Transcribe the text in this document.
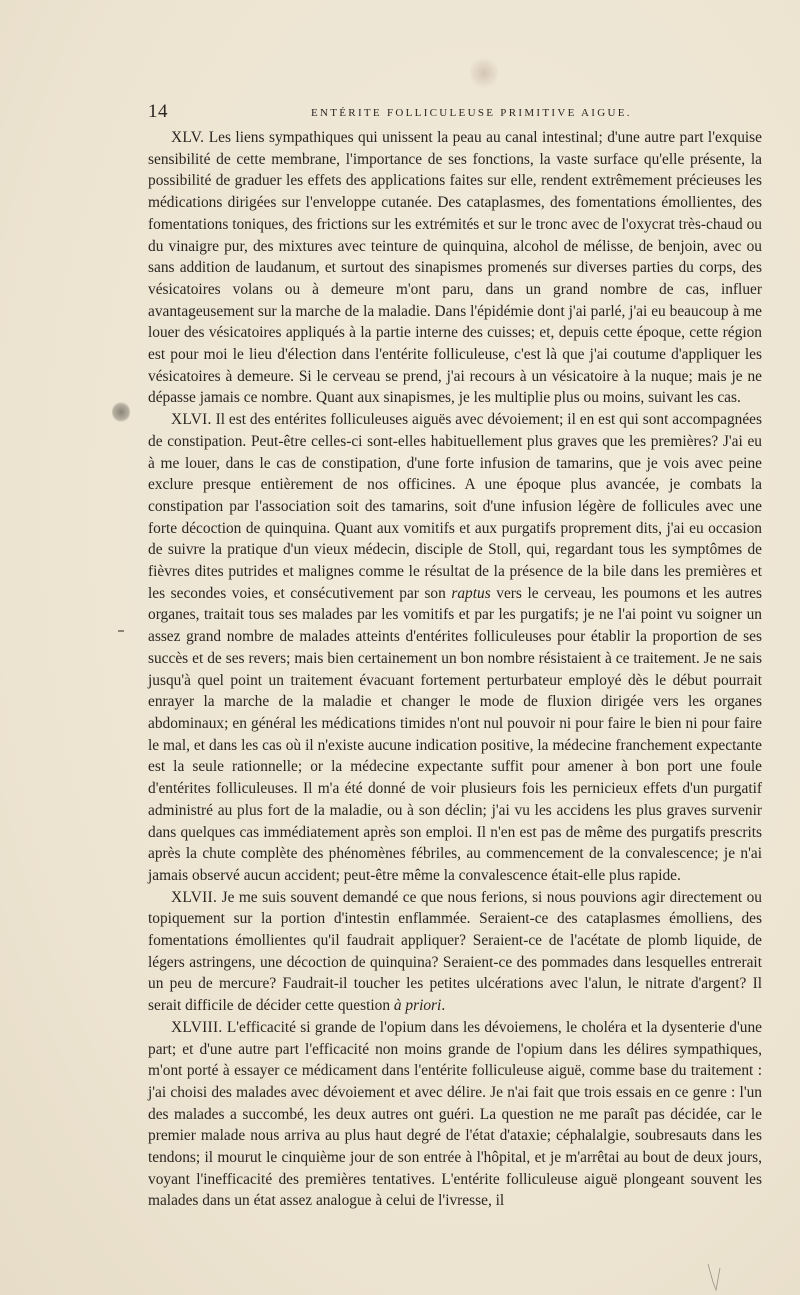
14	ENTÉRITE FOLLICULEUSE PRIMITIVE AIGUE.

XLV. Les liens sympathiques qui unissent la peau au canal intestinal; d'une autre part l'exquise sensibilité de cette membrane, l'importance de ses fonctions, la vaste surface qu'elle présente, la possibilité de graduer les effets des applications faites sur elle, rendent extrêmement précieuses les médications dirigées sur l'enveloppe cutanée. Des cataplasmes, des fomentations émollientes, des fomentations toniques, des frictions sur les extrémités et sur le tronc avec de l'oxycrat très-chaud ou du vinaigre pur, des mixtures avec teinture de quinquina, alcohol de mélisse, de benjoin, avec ou sans addition de laudanum, et surtout des sinapismes promenés sur diverses parties du corps, des vésicatoires volans ou à demeure m'ont paru, dans un grand nombre de cas, influer avantageusement sur la marche de la maladie. Dans l'épidémie dont j'ai parlé, j'ai eu beaucoup à me louer des vésicatoires appliqués à la partie interne des cuisses; et, depuis cette époque, cette région est pour moi le lieu d'élection dans l'entérite folliculeuse, c'est là que j'ai coutume d'appliquer les vésicatoires à demeure. Si le cerveau se prend, j'ai recours à un vésicatoire à la nuque; mais je ne dépasse jamais ce nombre. Quant aux sinapismes, je les multiplie plus ou moins, suivant les cas.

XLVI. Il est des entérites folliculeuses aiguës avec dévoiement; il en est qui sont accompagnées de constipation. Peut-être celles-ci sont-elles habituellement plus graves que les premières? J'ai eu à me louer, dans le cas de constipation, d'une forte infusion de tamarins, que je vois avec peine exclure presque entièrement de nos officines. A une époque plus avancée, je combats la constipation par l'association soit des tamarins, soit d'une infusion légère de follicules avec une forte décoction de quinquina. Quant aux vomitifs et aux purgatifs proprement dits, j'ai eu occasion de suivre la pratique d'un vieux médecin, disciple de Stoll, qui, regardant tous les symptômes de fièvres dites putrides et malignes comme le résultat de la présence de la bile dans les premières et les secondes voies, et consécutivement par son raptus vers le cerveau, les poumons et les autres organes, traitait tous ses malades par les vomitifs et par les purgatifs; je ne l'ai point vu soigner un assez grand nombre de malades atteints d'entérites folliculeuses pour établir la proportion de ses succès et de ses revers; mais bien certainement un bon nombre résistaient à ce traitement. Je ne sais jusqu'à quel point un traitement évacuant fortement perturbateur employé dès le début pourrait enrayer la marche de la maladie et changer le mode de fluxion dirigée vers les organes abdominaux; en général les médications timides n'ont nul pouvoir ni pour faire le bien ni pour faire le mal, et dans les cas où il n'existe aucune indication positive, la médecine franchement expectante est la seule rationnelle; or la médecine expectante suffit pour amener à bon port une foule d'entérites folliculeuses. Il m'a été donné de voir plusieurs fois les pernicieux effets d'un purgatif administré au plus fort de la maladie, ou à son déclin; j'ai vu les accidens les plus graves survenir dans quelques cas immédiatement après son emploi. Il n'en est pas de même des purgatifs prescrits après la chute complète des phénomènes fébriles, au commencement de la convalescence; je n'ai jamais observé aucun accident; peut-être même la convalescence était-elle plus rapide.

XLVII. Je me suis souvent demandé ce que nous ferions, si nous pouvions agir directement ou topiquement sur la portion d'intestin enflammée. Seraient-ce des cataplasmes émolliens, des fomentations émollientes qu'il faudrait appliquer? Seraient-ce de l'acétate de plomb liquide, de légers astringens, une décoction de quinquina? Seraient-ce des pommades dans lesquelles entrerait un peu de mercure? Faudrait-il toucher les petites ulcérations avec l'alun, le nitrate d'argent? Il serait difficile de décider cette question à priori.

XLVIII. L'efficacité si grande de l'opium dans les dévoiemens, le choléra et la dysenterie d'une part; et d'une autre part l'efficacité non moins grande de l'opium dans les délires sympathiques, m'ont porté à essayer ce médicament dans l'entérite folliculeuse aiguë, comme base du traitement : j'ai choisi des malades avec dévoiement et avec délire. Je n'ai fait que trois essais en ce genre : l'un des malades a succombé, les deux autres ont guéri. La question ne me paraît pas décidée, car le premier malade nous arriva au plus haut degré de l'état d'ataxie; céphalalgie, soubresauts dans les tendons; il mourut le cinquième jour de son entrée à l'hôpital, et je m'arrêtai au bout de deux jours, voyant l'inefficacité des premières tentatives. L'entérite folliculeuse aiguë plongeant souvent les malades dans un état assez analogue à celui de l'ivresse, il
